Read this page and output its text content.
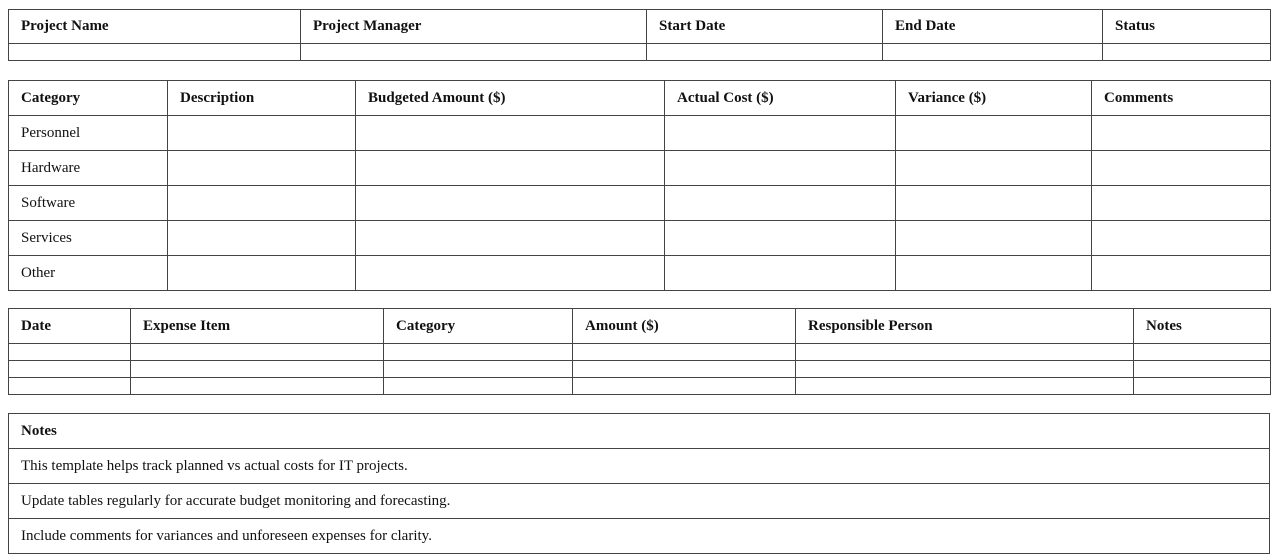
Project Name	Project Manager	Start Date	End Date	Status

Category	Description	Budgeted Amount ($)	Actual Cost ($)	Variance ($)	Comments
Personnel					
Hardware					
Software					
Services					
Other					
Date	Expense Item	Category	Amount ($)	Responsible Person	Notes

Notes
This template helps track planned vs actual costs for IT projects.
Update tables regularly for accurate budget monitoring and forecasting.
Include comments for variances and unforeseen expenses for clarity.
